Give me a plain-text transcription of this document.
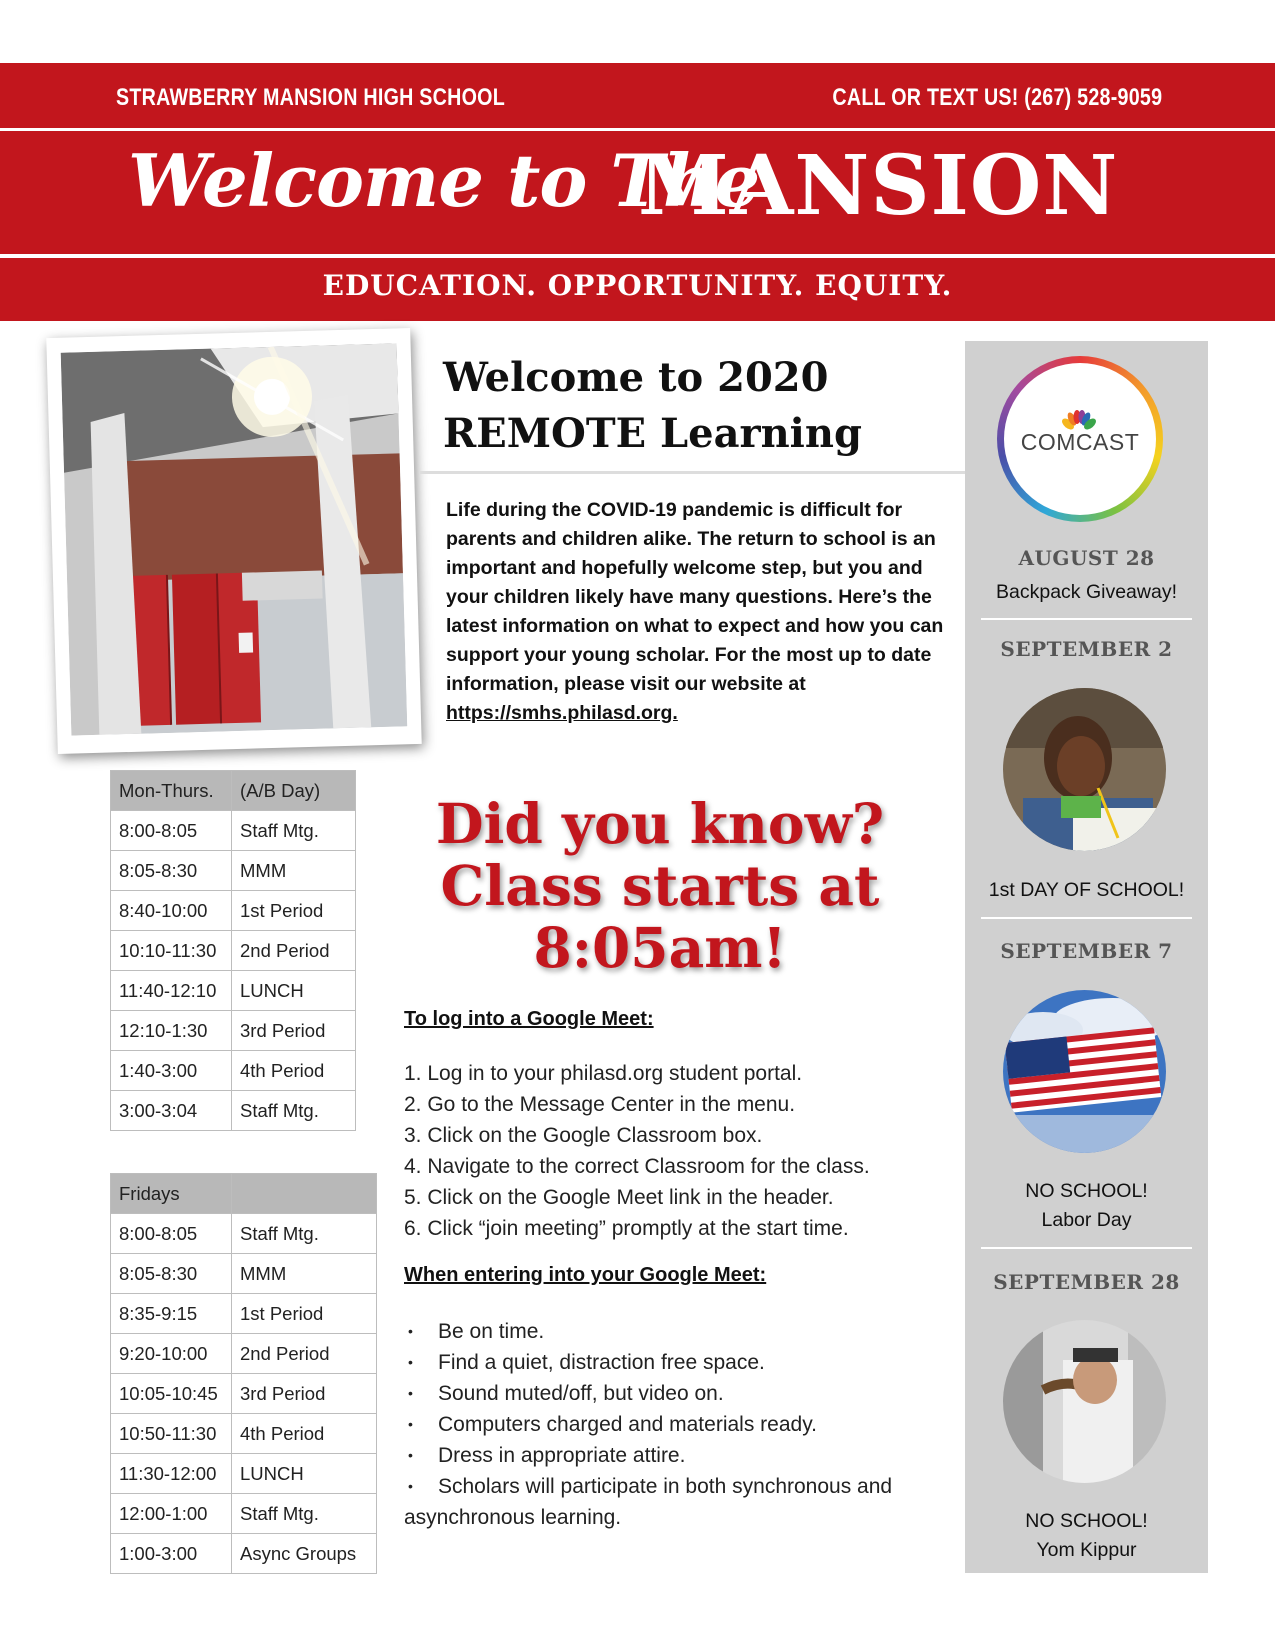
STRAWBERRY MANSION HIGH SCHOOL	CALL OR TEXT US! (267) 528-9059
Welcome to The
MANSION
EDUCATION. OPPORTUNITY. EQUITY.
Welcome to 2020
REMOTE Learning
Life during the COVID-19 pandemic is difficult for parents and children alike. The return to school is an important and hopefully welcome step, but you and your children likely have many questions. Here’s the latest information on what to expect and how you can support your young scholar. For the most up to date information, please visit our website at https://smhs.philasd.org.
Did you know?
Class starts at
8:05am!
To log into a Google Meet:
1. Log in to your philasd.org student portal.
2. Go to the Message Center in the menu.
3. Click on the Google Classroom box.
4. Navigate to the correct Classroom for the class.
5. Click on the Google Meet link in the header.
6. Click “join meeting” promptly at the start time.
When entering into your Google Meet:
• Be on time.
• Find a quiet, distraction free space.
• Sound muted/off, but video on.
• Computers charged and materials ready.
• Dress in appropriate attire.
• Scholars will participate in both synchronous and asynchronous learning.
Mon-Thurs.	(A/B Day)
8:00-8:05	Staff Mtg.
8:05-8:30	MMM
8:40-10:00	1st Period
10:10-11:30	2nd Period
11:40-12:10	LUNCH
12:10-1:30	3rd Period
1:40-3:00	4th Period
3:00-3:04	Staff Mtg.
Fridays	
8:00-8:05	Staff Mtg.
8:05-8:30	MMM
8:35-9:15	1st Period
9:20-10:00	2nd Period
10:05-10:45	3rd Period
10:50-11:30	4th Period
11:30-12:00	LUNCH
12:00-1:00	Staff Mtg.
1:00-3:00	Async Groups
COMCAST
AUGUST 28
Backpack Giveaway!
SEPTEMBER 2
1st DAY OF SCHOOL!
SEPTEMBER 7
NO SCHOOL!
Labor Day
SEPTEMBER 28
NO SCHOOL!
Yom Kippur
